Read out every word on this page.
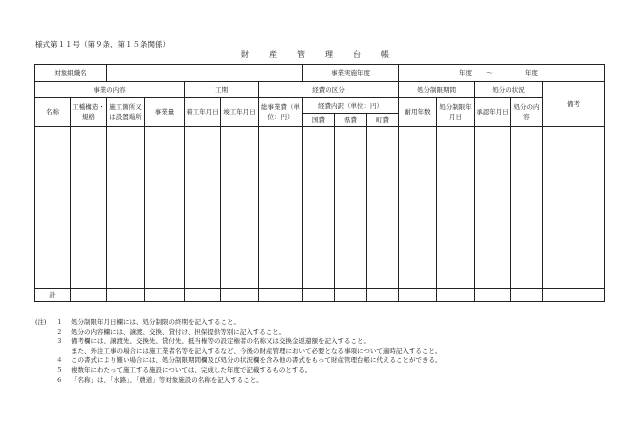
様式第１１号（第９条、第１５条関係）
財産管理台帳
対象組織名							事業実施年度			年度 ～ 年度				
事業の内容				工期		経費の区分				処分制限期間		処分の状況		備考
名称	工種構造・規格	施工箇所又は設置場所	事業量	着工年月日	竣工年月日	総事業費（単位：円）	経費内訳（単位：円）			耐用年数	処分制限年月日	承認年月日	処分の内容	
							国費	県費	町費					

計														
(注)	１	処分制限年月日欄には、処分制限の終期を記入すること。
２	処分の内容欄には、譲渡、交換、貸付け、担保提供等別に記入すること。
３	備考欄には、譲渡先、交換先、貸付先、抵当権等の設定権者の名称又は交換金返還額を記入すること。
また、外注工事の場合には施工業者名等を記入するなど、今後の財産管理において必要となる事項について適時記入すること。
４	この書式により難い場合には、処分制限期間欄及び処分の状況欄を含み他の書式をもって財産管理台帳に代えることができる。
５	複数年にわたって施工する施設については、完成した年度で記載するものとする。
６	「名称」は、「水路」、「農道」等対象施設の名称を記入すること。
